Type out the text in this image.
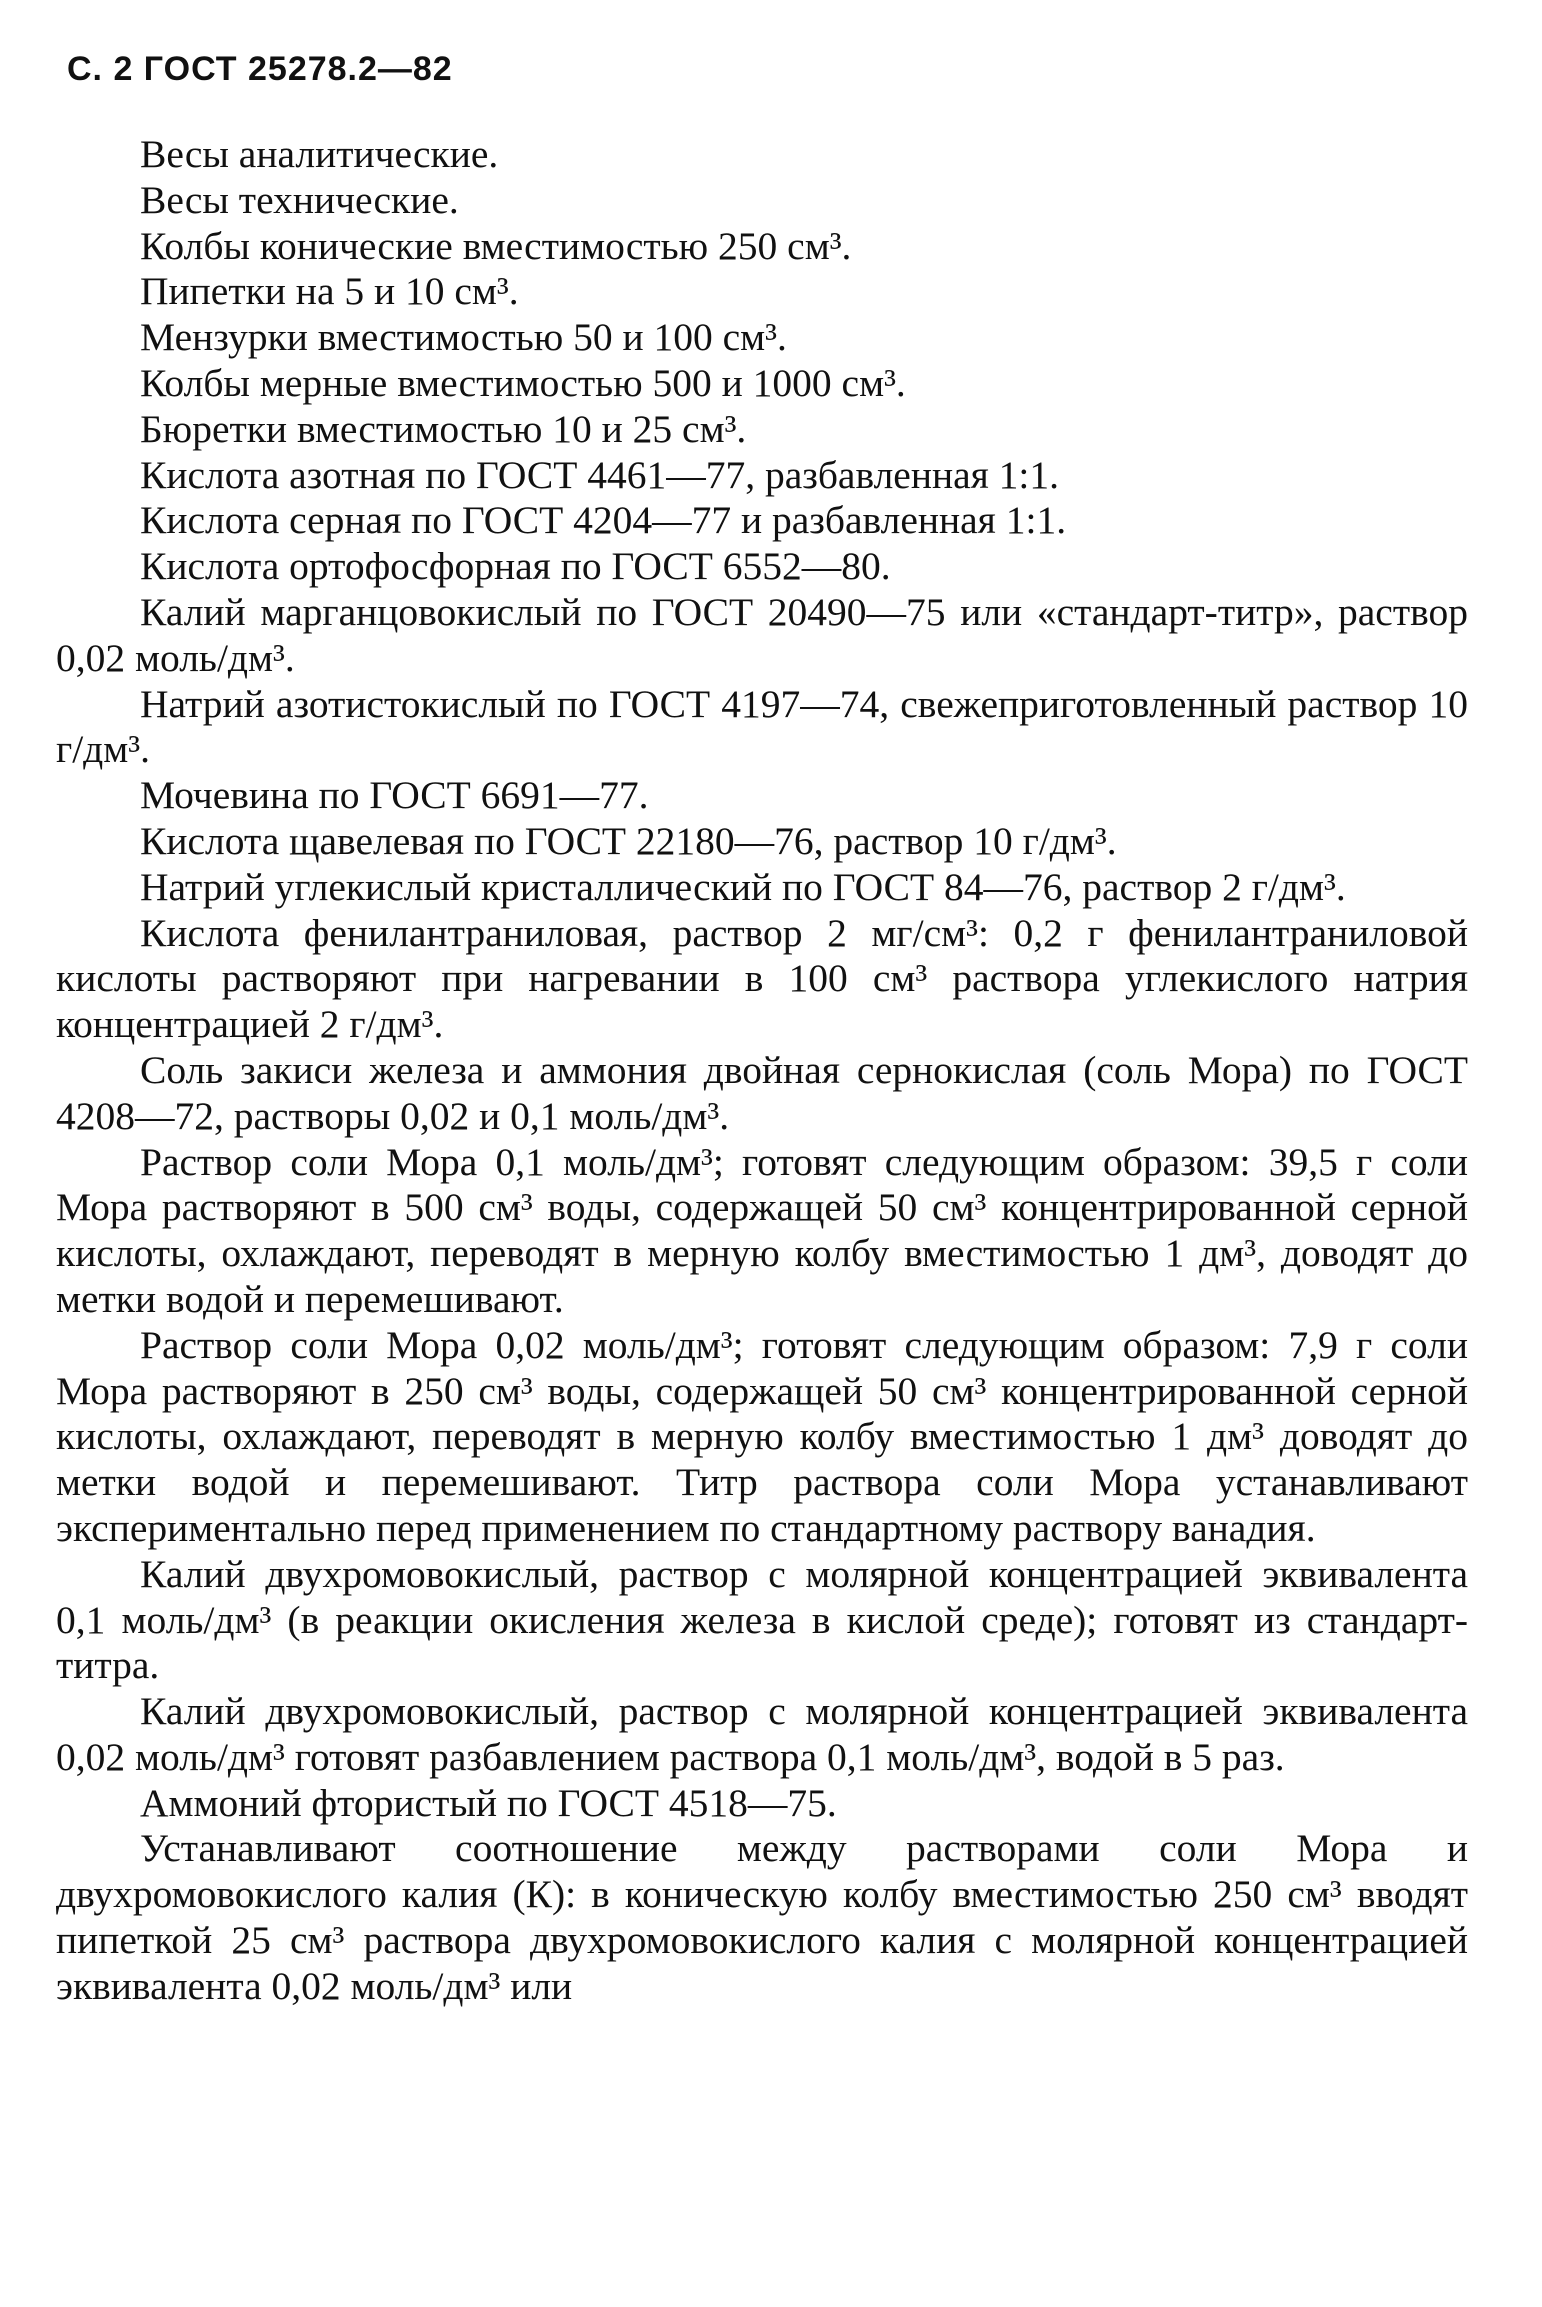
С. 2 ГОСТ 25278.2—82

Весы аналитические.

Весы технические.

Колбы конические вместимостью 250 см³.

Пипетки на 5 и 10 см³.

Мензурки вместимостью 50 и 100 см³.

Колбы мерные вместимостью 500 и 1000 см³.

Бюретки вместимостью 10 и 25 см³.

Кислота азотная по ГОСТ 4461—77, разбавленная 1:1.

Кислота серная по ГОСТ 4204—77 и разбавленная 1:1.

Кислота ортофосфорная по ГОСТ 6552—80.

Калий марганцовокислый по ГОСТ 20490—75 или «стандарт-титр», раствор 0,02 моль/дм³.

Натрий азотистокислый по ГОСТ 4197—74, свежеприготовленный раствор 10 г/дм³.

Мочевина по ГОСТ 6691—77.

Кислота щавелевая по ГОСТ 22180—76, раствор 10 г/дм³.

Натрий углекислый кристаллический по ГОСТ 84—76, раствор 2 г/дм³.

Кислота фенилантраниловая, раствор 2 мг/см³: 0,2 г фенилантраниловой кислоты растворяют при нагревании в 100 см³ раствора углекислого натрия концентрацией 2 г/дм³.

Соль закиси железа и аммония двойная сернокислая (соль Мора) по ГОСТ 4208—72, растворы 0,02 и 0,1 моль/дм³.

Раствор соли Мора 0,1 моль/дм³; готовят следующим образом: 39,5 г соли Мора растворяют в 500 см³ воды, содержащей 50 см³ концентрированной серной кислоты, охлаждают, переводят в мерную колбу вместимостью 1 дм³, доводят до метки водой и перемешивают.

Раствор соли Мора 0,02 моль/дм³; готовят следующим образом: 7,9 г соли Мора растворяют в 250 см³ воды, содержащей 50 см³ концентрированной серной кислоты, охлаждают, переводят в мерную колбу вместимостью 1 дм³ доводят до метки водой и перемешивают. Титр раствора соли Мора устанавливают экспериментально перед применением по стандартному раствору ванадия.

Калий двухромовокислый, раствор с молярной концентрацией эквивалента 0,1 моль/дм³ (в реакции окисления железа в кислой среде); готовят из стандарт-титра.

Калий двухромовокислый, раствор с молярной концентрацией эквивалента 0,02 моль/дм³ готовят разбавлением раствора 0,1 моль/дм³, водой в 5 раз.

Аммоний фтористый по ГОСТ 4518—75.

Устанавливают соотношение между растворами соли Мора и двухромовокислого калия (К): в коническую колбу вместимостью 250 см³ вводят пипеткой 25 см³ раствора двухромовокислого калия с молярной концентрацией эквивалента 0,02 моль/дм³ или
